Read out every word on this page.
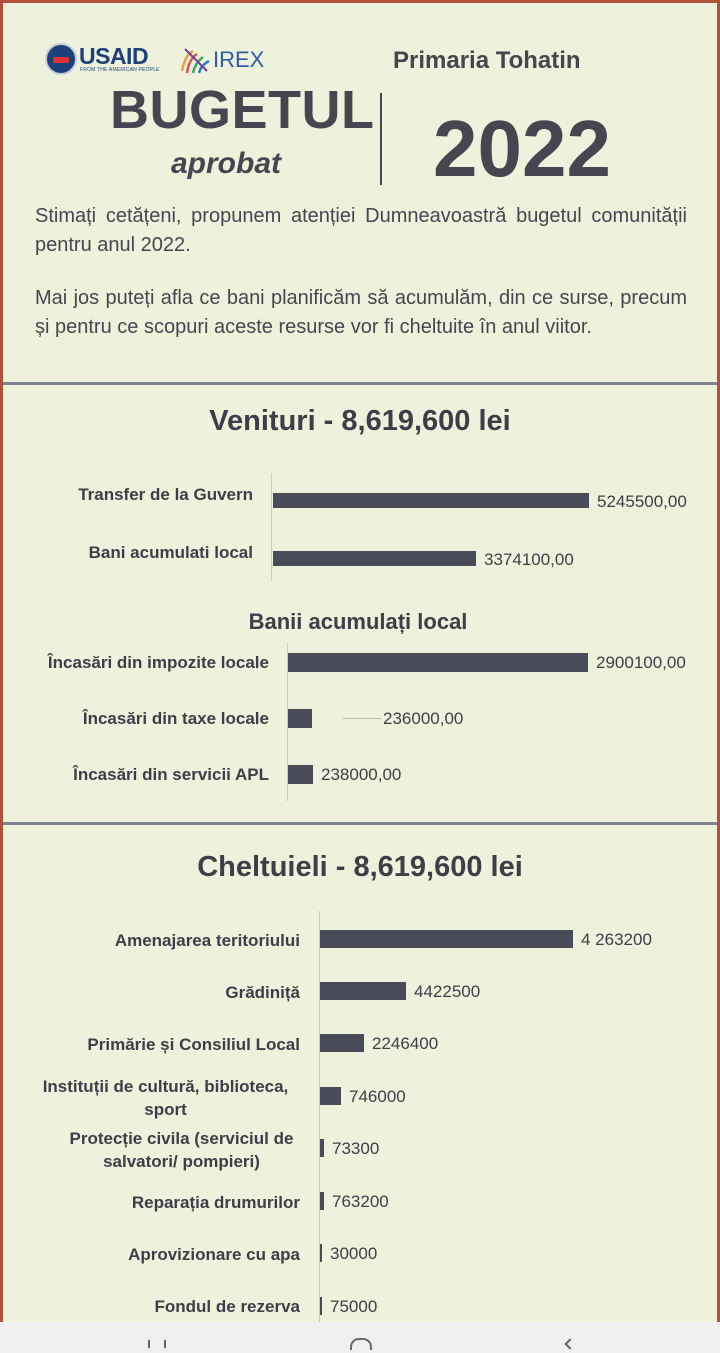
USAID
FROM THE AMERICAN PEOPLE IREX	Primaria Tohatin
BUGETUL
aprobat 2022
Stimați cetățeni, propunem atenției Dumneavoastră bugetul comunității pentru anul 2022.
Mai jos puteți afla ce bani planificăm să acumulăm, din ce surse, precum și pentru ce scopuri aceste resurse vor fi cheltuite în anul viitor.
Venituri - 8,619,600 lei
Transfer de la Guvern
Bani acumulati local
5245500,00
3374100,00
Banii acumulați local
Încasări din impozite locale
Încasări din taxe locale
Încasări din servicii APL
2900100,00
236000,00
238000,00
Cheltuieli - 8,619,600 lei
Amenajarea teritoriului
Grădiniță
Primărie și Consiliul Local
Instituții de cultură, biblioteca, sport
Protecție civila (serviciul de salvatori/ pompieri)
Reparația drumurilor
Aprovizionare cu apa
Fondul de rezerva
4 263200
4422500
2246400
746000
73300
763200
30000
75000
